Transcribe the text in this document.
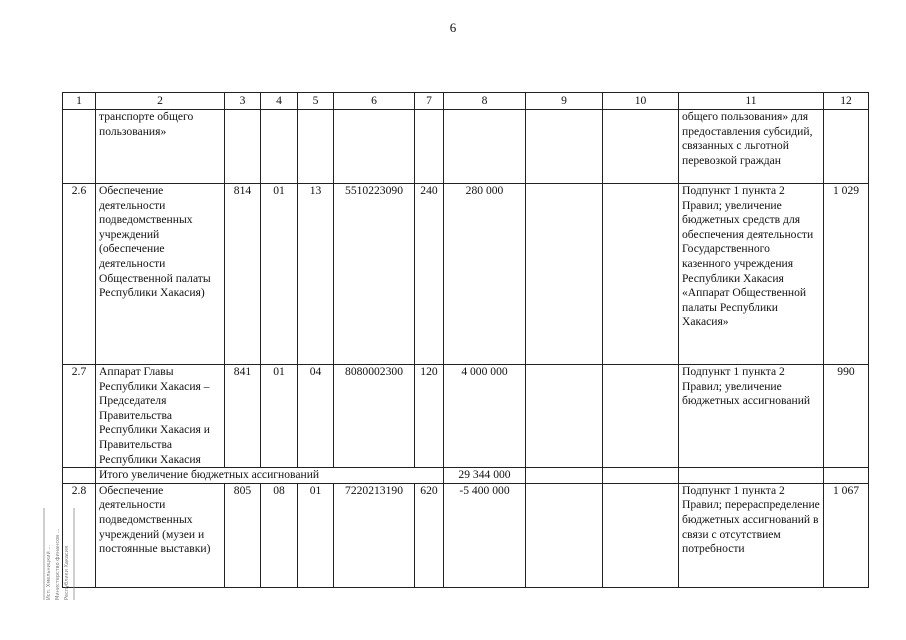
6
1	2	3	4	5	6	7	8	9	10	11	12
	транспорте общего пользования»									общего пользования» для предоставления субсидий, связанных с льготной перевозкой граждан	
2.6	Обеспечение деятельности подведомственных учреждений (обеспечение деятельности Общественной палаты Республики Хакасия)	814	01	13	5510223090	240	280 000			Подпункт 1 пункта 2 Правил; увеличение бюджетных средств для обеспечения деятельности Государственного казенного учреждения Республики Хакасия «Аппарат Общественной палаты Республики Хакасия»	1 029
2.7	Аппарат Главы Республики Хакасия – Председателя Правительства Республики Хакасия и Правительства Республики Хакасия	841	01	04	8080002300	120	4 000 000			Подпункт 1 пункта 2 Правил; увеличение бюджетных ассигнований	990
	Итого увеличение бюджетных ассигнований						29 344 000				
2.8	Обеспечение деятельности подведомственных учреждений (музеи и постоянные выставки)	805	08	01	7220213190	620	-5 400 000			Подпункт 1 пункта 2 Правил; перераспределение бюджетных ассигнований в связи с отсутствием потребности	1 067
Исп. Хмельницкий ... Министерство финансов ... Республики Хакасия
